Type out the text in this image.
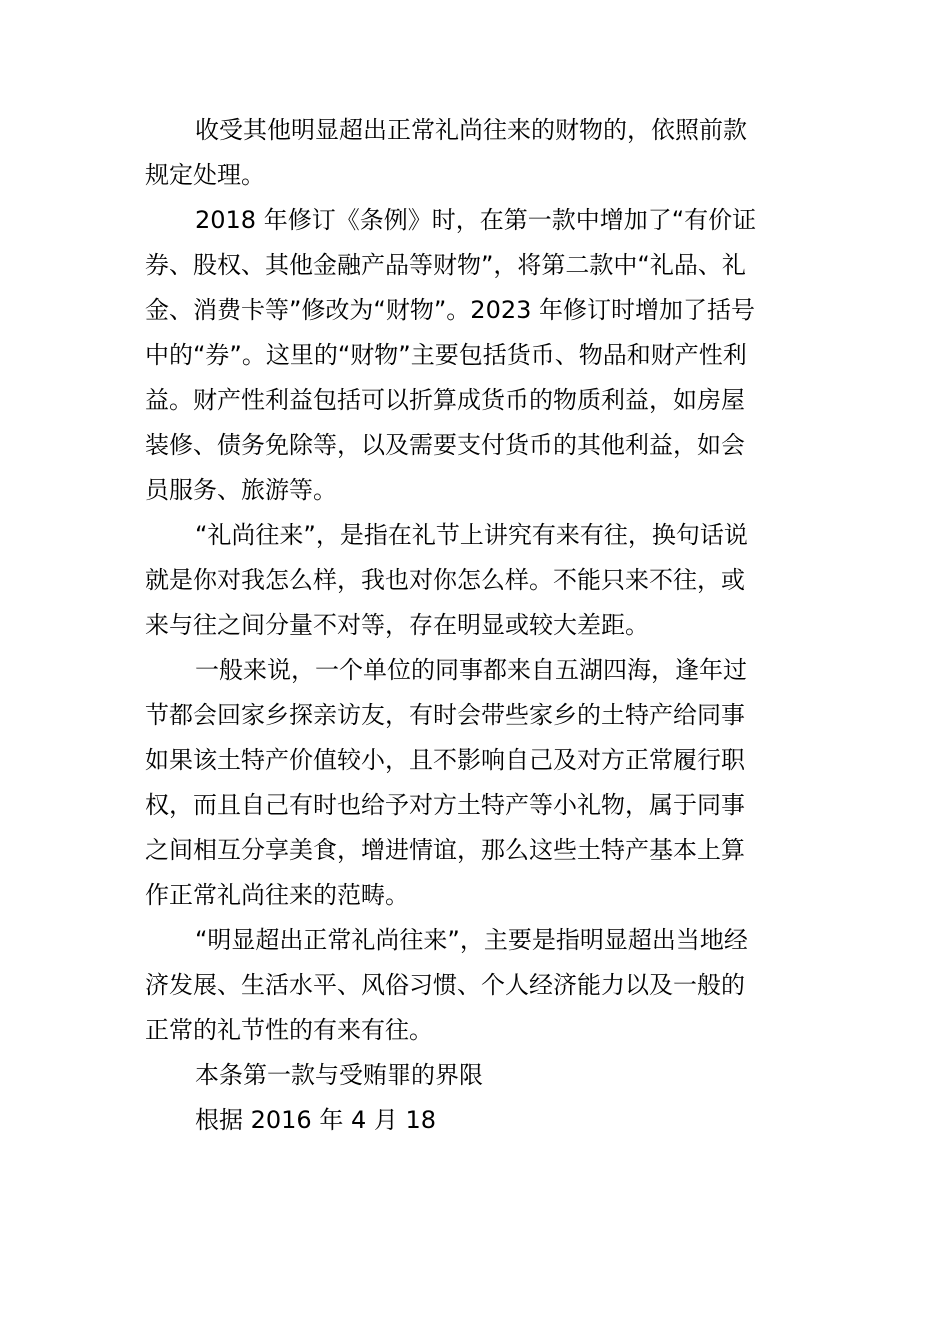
收受其他明显超出正常礼尚往来的财物的，依照前款
规定处理。
2018 年修订《条例》时，在第一款中增加了“有价证
券、股权、其他金融产品等财物”，将第二款中“礼品、礼
金、消费卡等”修改为“财物”。2023 年修订时增加了括号
中的“券”。这里的“财物”主要包括货币、物品和财产性利
益。财产性利益包括可以折算成货币的物质利益，如房屋
装修、债务免除等，以及需要支付货币的其他利益，如会
员服务、旅游等。
“礼尚往来”，是指在礼节上讲究有来有往，换句话说
就是你对我怎么样，我也对你怎么样。不能只来不往，或
来与往之间分量不对等，存在明显或较大差距。
一般来说，一个单位的同事都来自五湖四海，逢年过
节都会回家乡探亲访友，有时会带些家乡的土特产给同事
如果该土特产价值较小，且不影响自己及对方正常履行职
权，而且自己有时也给予对方土特产等小礼物，属于同事
之间相互分享美食，增进情谊，那么这些土特产基本上算
作正常礼尚往来的范畴。
“明显超出正常礼尚往来”，主要是指明显超出当地经
济发展、生活水平、风俗习惯、个人经济能力以及一般的
正常的礼节性的有来有往。
本条第一款与受贿罪的界限
根据 2016 年 4 月 18
